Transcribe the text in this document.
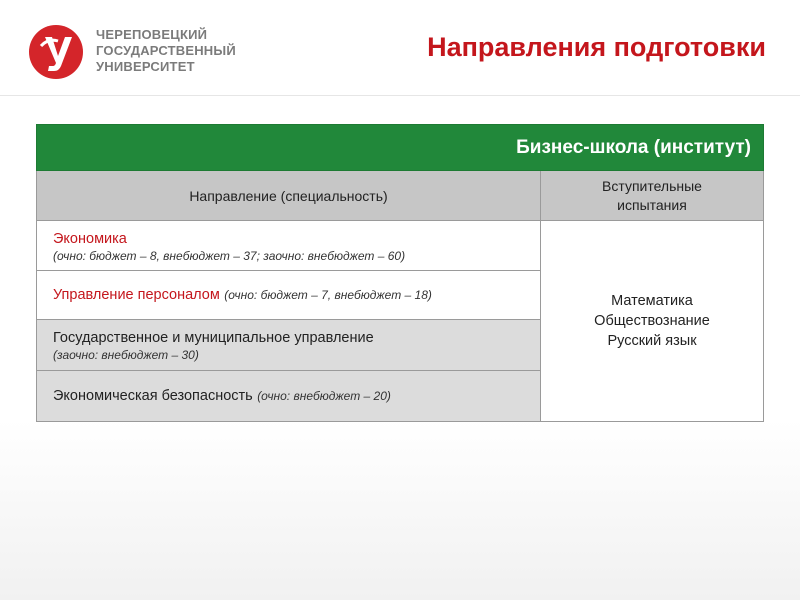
ЧЕРЕПОВЕЦКИЙ
ГОСУДАРСТВЕННЫЙ
УНИВЕРСИТЕТ
Направления подготовки
Бизнес-школа (институт)
Направление (специальность)
Вступительные
испытания
Экономика
(очно: бюджет – 8, внебюджет – 37; заочно: внебюджет – 60)
Управление персоналом (очно: бюджет – 7, внебюджет – 18)
Государственное и муниципальное управление
(заочно: внебюджет – 30)
Экономическая безопасность (очно: внебюджет – 20)
Математика
Обществознание
Русский язык
